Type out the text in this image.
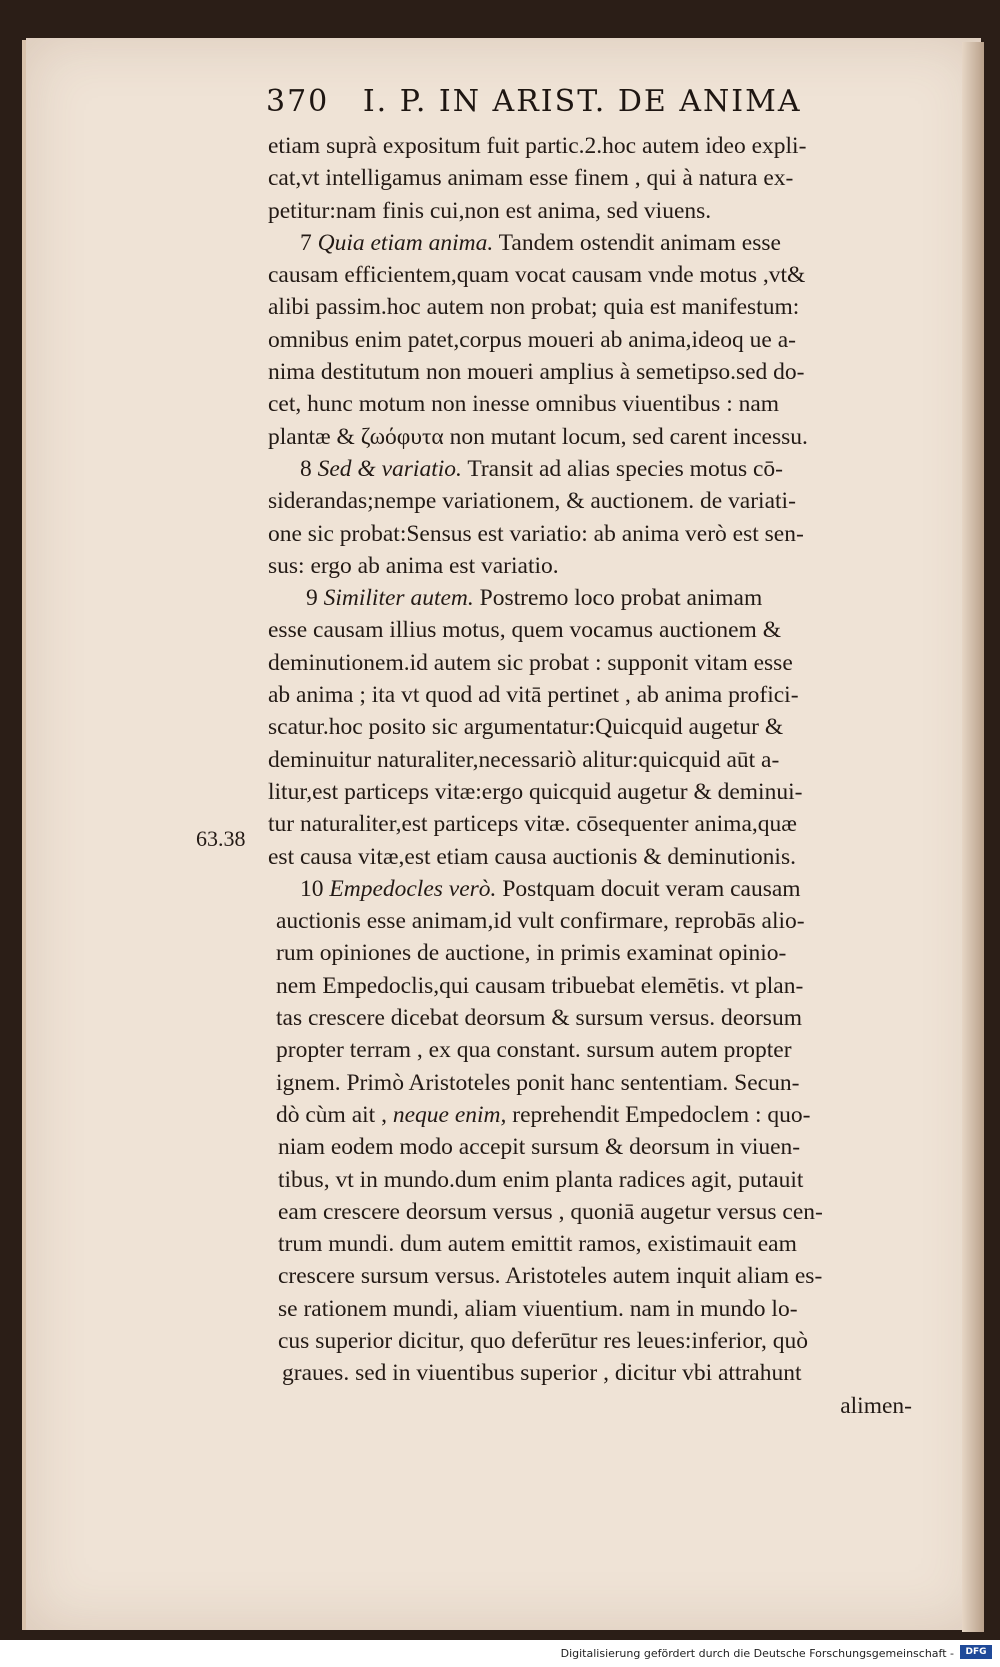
370 I. P. IN ARIST. DE ANIMA
63.38
etiam suprà expositum fuit partic.2.hoc autem ideo expli-
cat,vt intelligamus animam esse finem , qui à natura ex-
petitur:nam finis cui,non est anima, sed viuens.
7 Quia etiam anima. Tandem ostendit animam esse
causam efficientem,quam vocat causam vnde motus ,vt&
alibi passim.hoc autem non probat; quia est manifestum:
omnibus enim patet,corpus moueri ab anima,ideoq ue a-
nima destitutum non moueri amplius à semetipso.sed do-
cet, hunc motum non inesse omnibus viuentibus : nam
plantæ & ζωόφυτα non mutant locum, sed carent incessu.
8 Sed & variatio. Transit ad alias species motus cō-
siderandas;nempe variationem, & auctionem. de variati-
one sic probat:Sensus est variatio: ab anima verò est sen-
sus: ergo ab anima est variatio.
9 Similiter autem. Postremo loco probat animam
esse causam illius motus, quem vocamus auctionem &
deminutionem.id autem sic probat : supponit vitam esse
ab anima ; ita vt quod ad vitā pertinet , ab anima profici-
scatur.hoc posito sic argumentatur:Quicquid augetur &
deminuitur naturaliter,necessariò alitur:quicquid aūt a-
litur,est particeps vitæ:ergo quicquid augetur & deminui-
tur naturaliter,est particeps vitæ. cōsequenter anima,quæ
est causa vitæ,est etiam causa auctionis & deminutionis.
10 Empedocles verò. Postquam docuit veram causam
auctionis esse animam,id vult confirmare, reprobās alio-
rum opiniones de auctione, in primis examinat opinio-
nem Empedoclis,qui causam tribuebat elemētis. vt plan-
tas crescere dicebat deorsum & sursum versus. deorsum
propter terram , ex qua constant. sursum autem propter
ignem. Primò Aristoteles ponit hanc sententiam. Secun-
dò cùm ait , neque enim, reprehendit Empedoclem : quo-
niam eodem modo accepit sursum & deorsum in viuen-
tibus, vt in mundo.dum enim planta radices agit, putauit
eam crescere deorsum versus , quoniā augetur versus cen-
trum mundi. dum autem emittit ramos, existimauit eam
crescere sursum versus. Aristoteles autem inquit aliam es-
se rationem mundi, aliam viuentium. nam in mundo lo-
cus superior dicitur, quo deferūtur res leues:inferior, quò
graues. sed in viuentibus superior , dicitur vbi attrahunt
alimen-
Digitalisierung gefördert durch die Deutsche Forschungsgemeinschaft -	DFG
